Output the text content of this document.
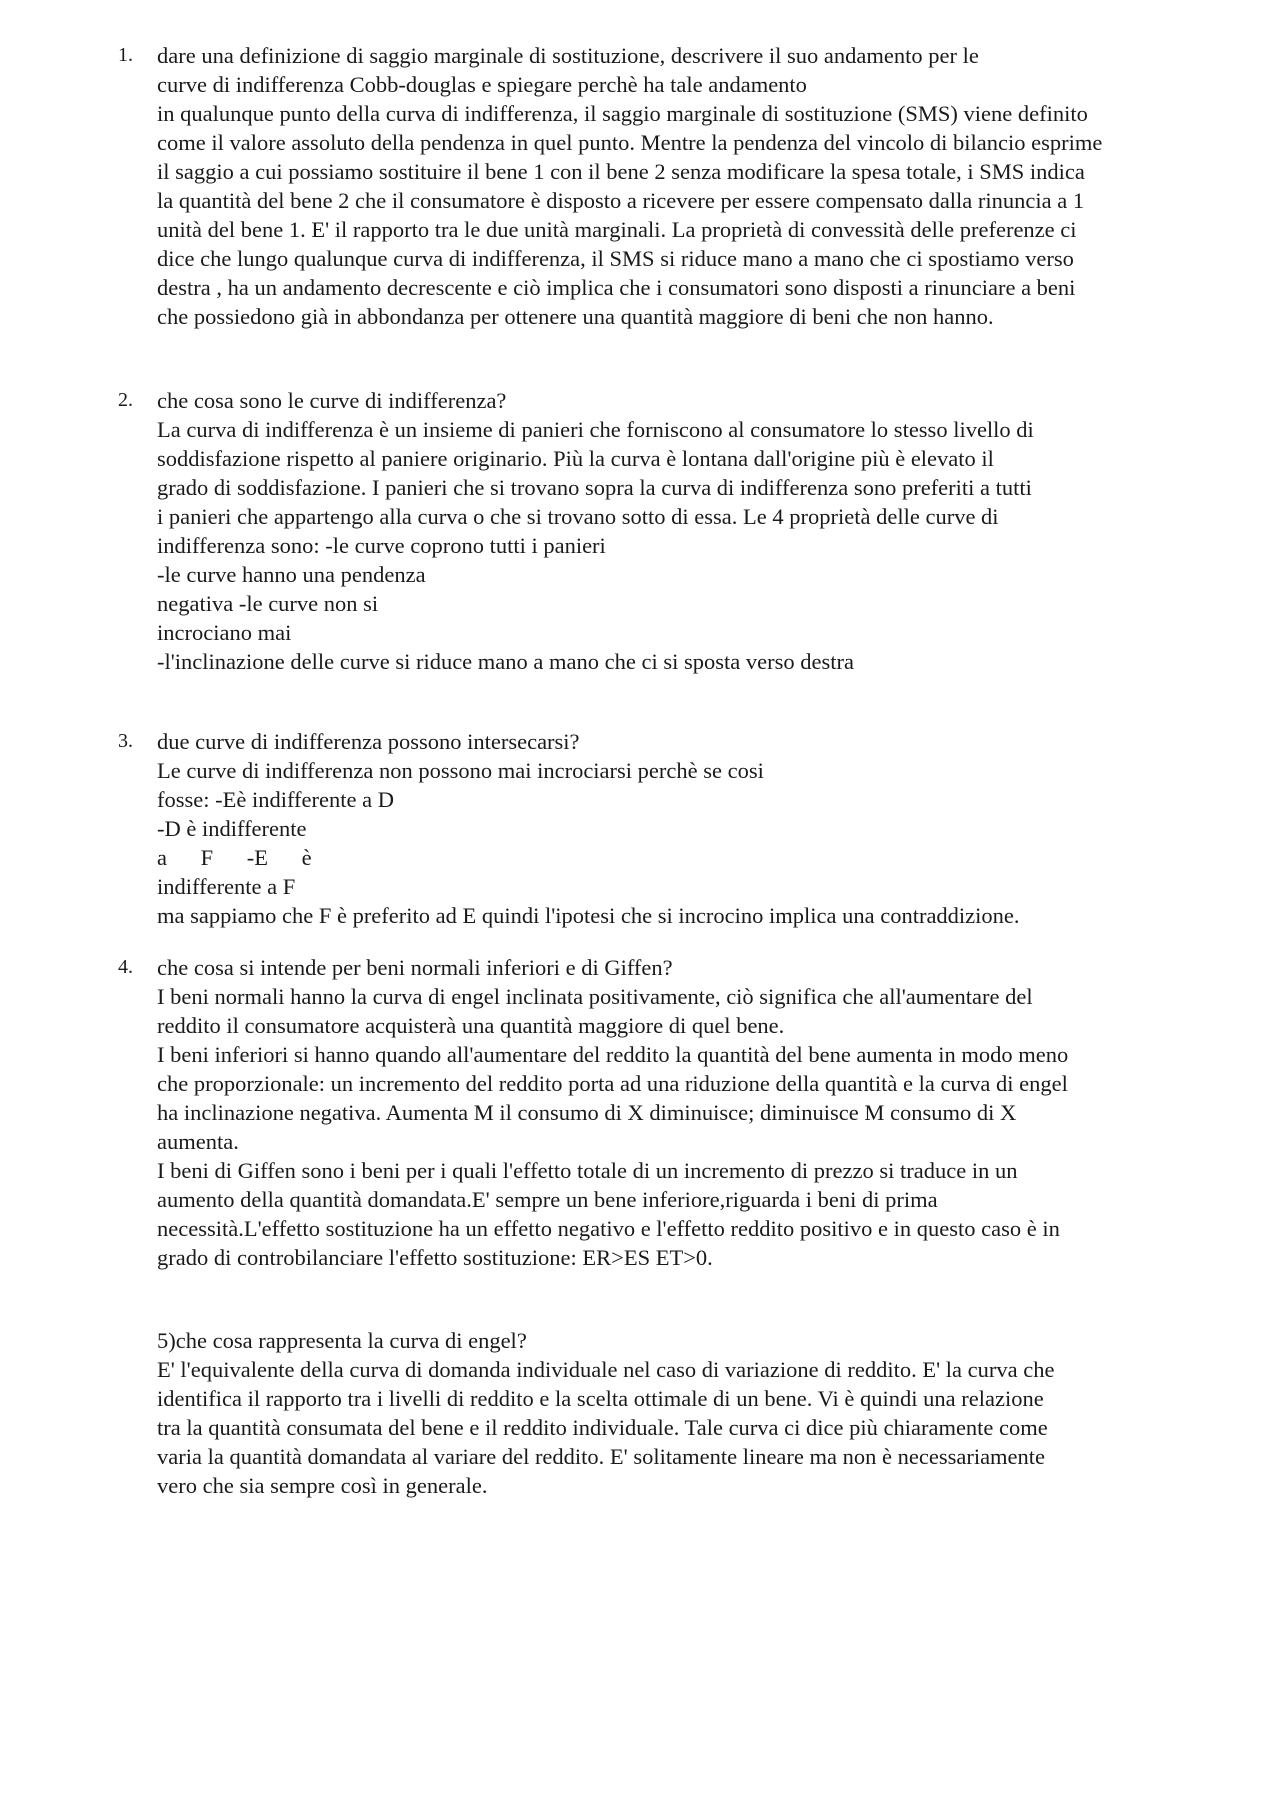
1. dare una definizione di saggio marginale di sostituzione, descrivere il suo andamento per le
curve di indifferenza Cobb-douglas e spiegare perchè ha tale andamento
in qualunque punto della curva di indifferenza, il saggio marginale di sostituzione (SMS) viene definito
come il valore assoluto della pendenza in quel punto. Mentre la pendenza del vincolo di bilancio esprime
il saggio a cui possiamo sostituire il bene 1 con il bene 2 senza modificare la spesa totale, i SMS indica
la quantità del bene 2 che il consumatore è disposto a ricevere per essere compensato dalla rinuncia a 1
unità del bene 1. E' il rapporto tra le due unità marginali. La proprietà di convessità delle preferenze ci
dice che lungo qualunque curva di indifferenza, il SMS si riduce mano a mano che ci spostiamo verso
destra , ha un andamento decrescente e ciò implica che i consumatori sono disposti a rinunciare a beni
che possiedono già in abbondanza per ottenere una quantità maggiore di beni che non hanno.
2. che cosa sono le curve di indifferenza?
La curva di indifferenza è un insieme di panieri che forniscono al consumatore lo stesso livello di
soddisfazione rispetto al paniere originario. Più la curva è lontana dall'origine più è elevato il
grado di soddisfazione. I panieri che si trovano sopra la curva di indifferenza sono preferiti a tutti
i panieri che appartengo alla curva o che si trovano sotto di essa. Le 4 proprietà delle curve di
indifferenza sono: -le curve coprono tutti i panieri
-le curve hanno una pendenza
negativa -le curve non si
incrociano mai
-l'inclinazione delle curve si riduce mano a mano che ci si sposta verso destra
3. due curve di indifferenza possono intersecarsi?
Le curve di indifferenza non possono mai incrociarsi perchè se cosi
fosse: -Eè indifferente a D
-D è indifferente
a F -E è
indifferente a F
ma sappiamo che F è preferito ad E quindi l'ipotesi che si incrocino implica una contraddizione.
4. che cosa si intende per beni normali inferiori e di Giffen?
I beni normali hanno la curva di engel inclinata positivamente, ciò significa che all'aumentare del
reddito il consumatore acquisterà una quantità maggiore di quel bene.
I beni inferiori si hanno quando all'aumentare del reddito la quantità del bene aumenta in modo meno
che proporzionale: un incremento del reddito porta ad una riduzione della quantità e la curva di engel
ha inclinazione negativa. Aumenta M il consumo di X diminuisce; diminuisce M consumo di X
aumenta.
I beni di Giffen sono i beni per i quali l'effetto totale di un incremento di prezzo si traduce in un
aumento della quantità domandata.E' sempre un bene inferiore,riguarda i beni di prima
necessità.L'effetto sostituzione ha un effetto negativo e l'effetto reddito positivo e in questo caso è in
grado di controbilanciare l'effetto sostituzione: ER>ES ET>0.
5)che cosa rappresenta la curva di engel?
E' l'equivalente della curva di domanda individuale nel caso di variazione di reddito. E' la curva che
identifica il rapporto tra i livelli di reddito e la scelta ottimale di un bene. Vi è quindi una relazione
tra la quantità consumata del bene e il reddito individuale. Tale curva ci dice più chiaramente come
varia la quantità domandata al variare del reddito. E' solitamente lineare ma non è necessariamente
vero che sia sempre così in generale.
